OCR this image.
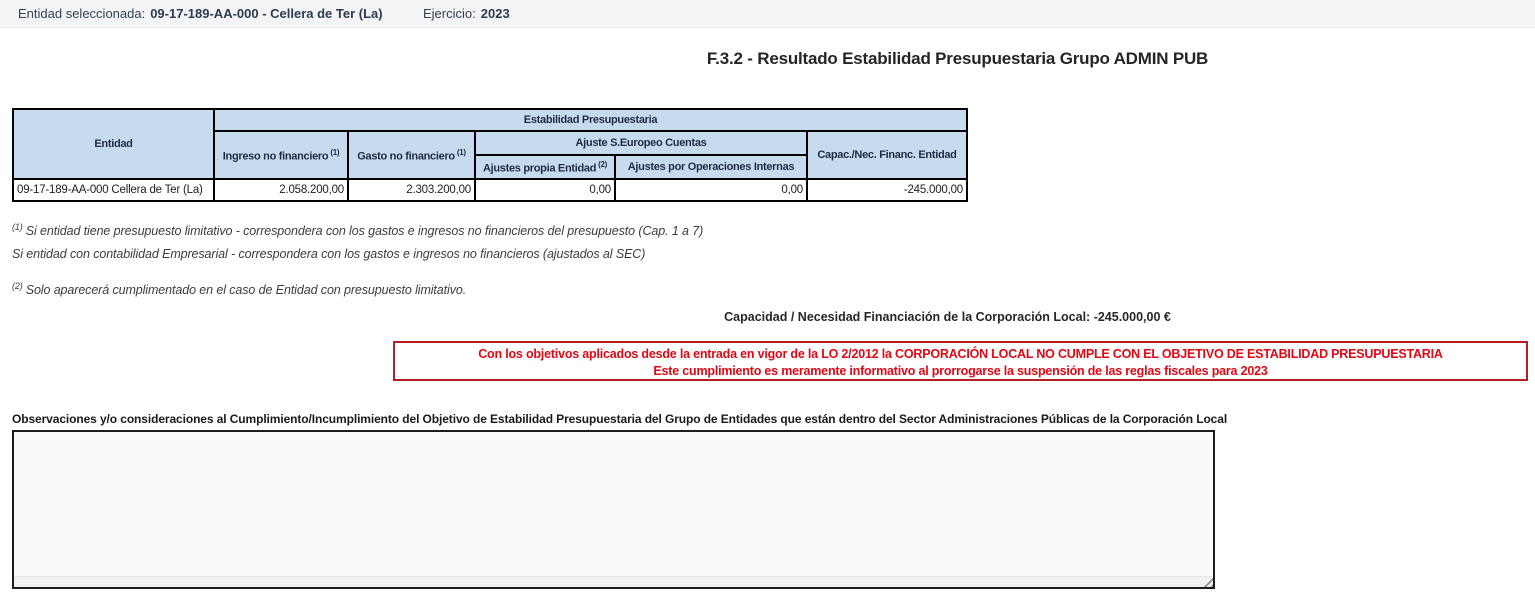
Entidad seleccionada: 09-17-189-AA-000 - Cellera de Ter (La)	Ejercicio: 2023
F.3.2 - Resultado Estabilidad Presupuestaria Grupo ADMIN PUB
Entidad	Estabilidad Presupuestaria				
	Ingreso no financiero $^{(1)}$	Gasto no financiero $^{(1)}$	Ajuste S.Europeo Cuentas		Capac./Nec. Financ. Entidad
			Ajustes propia Entidad $^{(2)}$	Ajustes por Operaciones Internas	
09-17-189-AA-000 Cellera de Ter (La)	2.058.200,00	2.303.200,00	0,00	0,00	-245.000,00
$^{(1)}$ Si entidad tiene presupuesto limitativo - correspondera con los gastos e ingresos no financieros del presupuesto (Cap. 1 a 7)
Si entidad con contabilidad Empresarial - correspondera con los gastos e ingresos no financieros (ajustados al SEC)
$^{(2)}$ Solo aparecerá cumplimentado en el caso de Entidad con presupuesto limitativo.
Capacidad / Necesidad Financiación de la Corporación Local: -245.000,00 €
Con los objetivos aplicados desde la entrada en vigor de la LO 2/2012 la CORPORACIÓN LOCAL NO CUMPLE CON EL OBJETIVO DE ESTABILIDAD PRESUPUESTARIA
Este cumplimiento es meramente informativo al prorrogarse la suspensión de las reglas fiscales para 2023
Observaciones y/o consideraciones al Cumplimiento/Incumplimiento del Objetivo de Estabilidad Presupuestaria del Grupo de Entidades que están dentro del Sector Administraciones Públicas de la Corporación Local
